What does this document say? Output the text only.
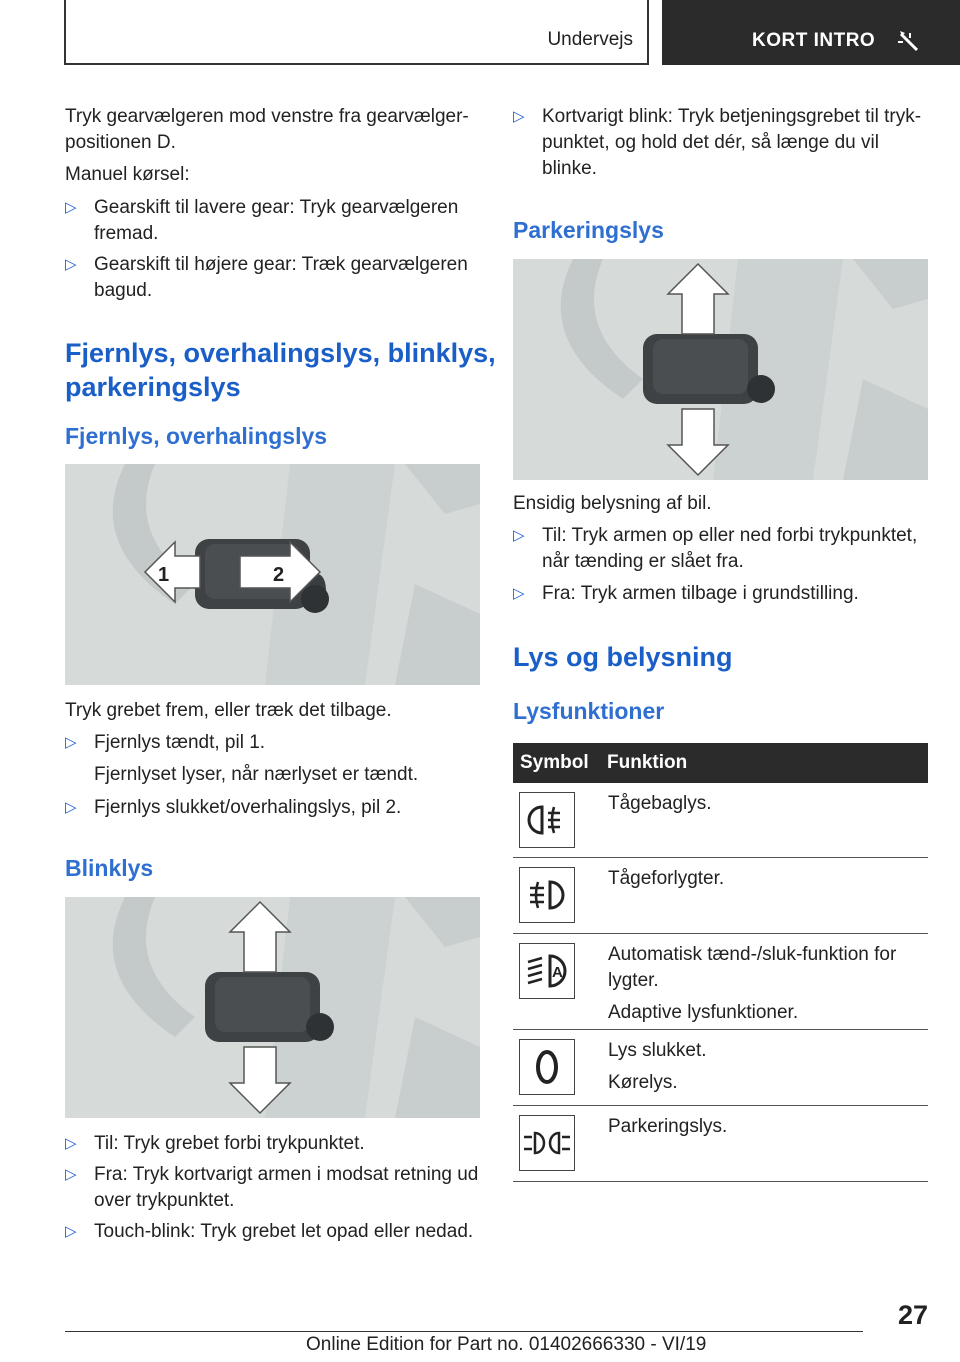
Undervejs	KORT INTRO
Tryk gearvælgeren mod venstre fra gearvælger-
positionen D.
Manuel kørsel:
▷ Gearskift til lavere gear: Tryk gearvælgeren
fremad.
▷ Gearskift til højere gear: Træk gearvælgeren
bagud.
Fjernlys, overhalingslys, blinklys,
parkeringslys
Fjernlys, overhalingslys
1	2
Tryk grebet frem, eller træk det tilbage.
▷ Fjernlys tændt, pil 1.
Fjernlyset lyser, når nærlyset er tændt.
▷ Fjernlys slukket/overhalingslys, pil 2.
Blinklys
▷ Til: Tryk grebet forbi trykpunktet.
▷ Fra: Tryk kortvarigt armen i modsat retning ud
over trykpunktet.
▷ Touch-blink: Tryk grebet let opad eller nedad.
▷ Kortvarigt blink: Tryk betjeningsgrebet til tryk-
punktet, og hold det dér, så længe du vil
blinke.
Parkeringslys
Ensidig belysning af bil.
▷ Til: Tryk armen op eller ned forbi trykpunktet,
når tænding er slået fra.
▷ Fra: Tryk armen tilbage i grundstilling.
Lys og belysning
Lysfunktioner
Symbol Funktion
Tågebaglys.
Tågeforlygter.
A
Automatisk tænd-/sluk-funktion for
lygter.
Adaptive lysfunktioner.
Lys slukket.
Kørelys.
Parkeringslys.
27
Online Edition for Part no. 01402666330 - VI/19
